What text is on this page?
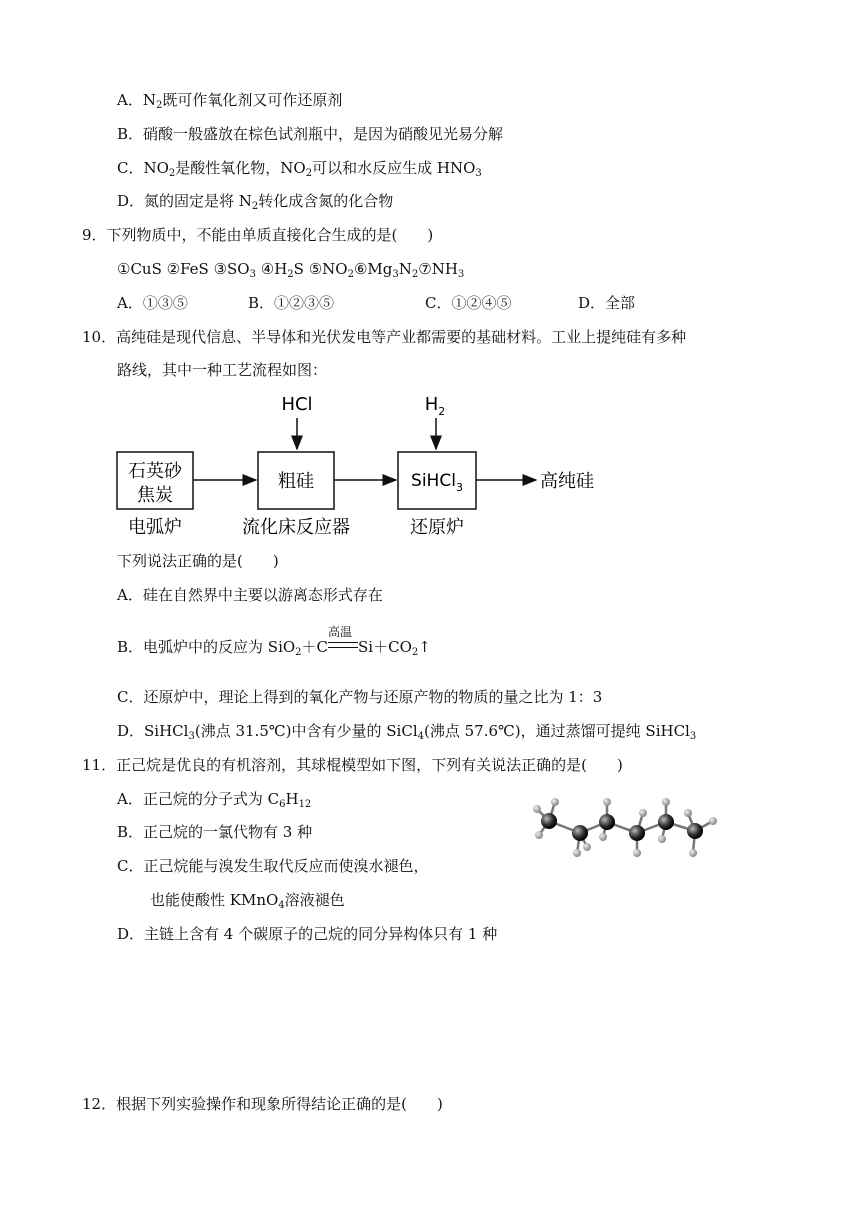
A．$N_2$既可作氧化剂又可作还原剂
B．硝酸一般盛放在棕色试剂瓶中，是因为硝酸见光易分解
C．$NO_2$是酸性氧化物，$NO_2$可以和水反应生成 $HNO_3$
D．氮的固定是将 $N_2$转化成含氮的化合物
9．下列物质中，不能由单质直接化合生成的是(　　)
①CuS ②FeS $③SO_3$ $④H_2S$ $⑤NO_2⑥Mg_3N_2⑦NH_3$
A．①③⑤	B．①②③⑤	C．①②④⑤	D．全部
10．高纯硅是现代信息、半导体和光伏发电等产业都需要的基础材料。工业上提纯硅有多种
路线，其中一种工艺流程如图：
石英砂
焦炭
电弧炉
HCl
粗硅
流化床反应器
$H_2$
SiHCl$_3$
还原炉
高纯硅
下列说法正确的是(　　)
A．硅在自然界中主要以游离态形式存在
B．电弧炉中的反应为 SiO$_2$＋C
高温
$Si+CO_2↑$
C．还原炉中，理论上得到的氧化产物与还原产物的物质的量之比为 1：3
D．SiHCl$_3$(沸点 31.5℃)中含有少量的 SiCl$_4$(沸点 57.6℃)，通过蒸馏可提纯 SiHCl$_3$
11．正己烷是优良的有机溶剂，其球棍模型如下图，下列有关说法正确的是(　　)
A．正己烷的分子式为 $C_6H_{12}$
B．正己烷的一氯代物有 3 种
C．正己烷能与溴发生取代反应而使溴水褪色，
也能使酸性 KMnO$_4$溶液褪色
D．主链上含有 4 个碳原子的己烷的同分异构体只有 1 种
12．根据下列实验操作和现象所得结论正确的是(　　)
